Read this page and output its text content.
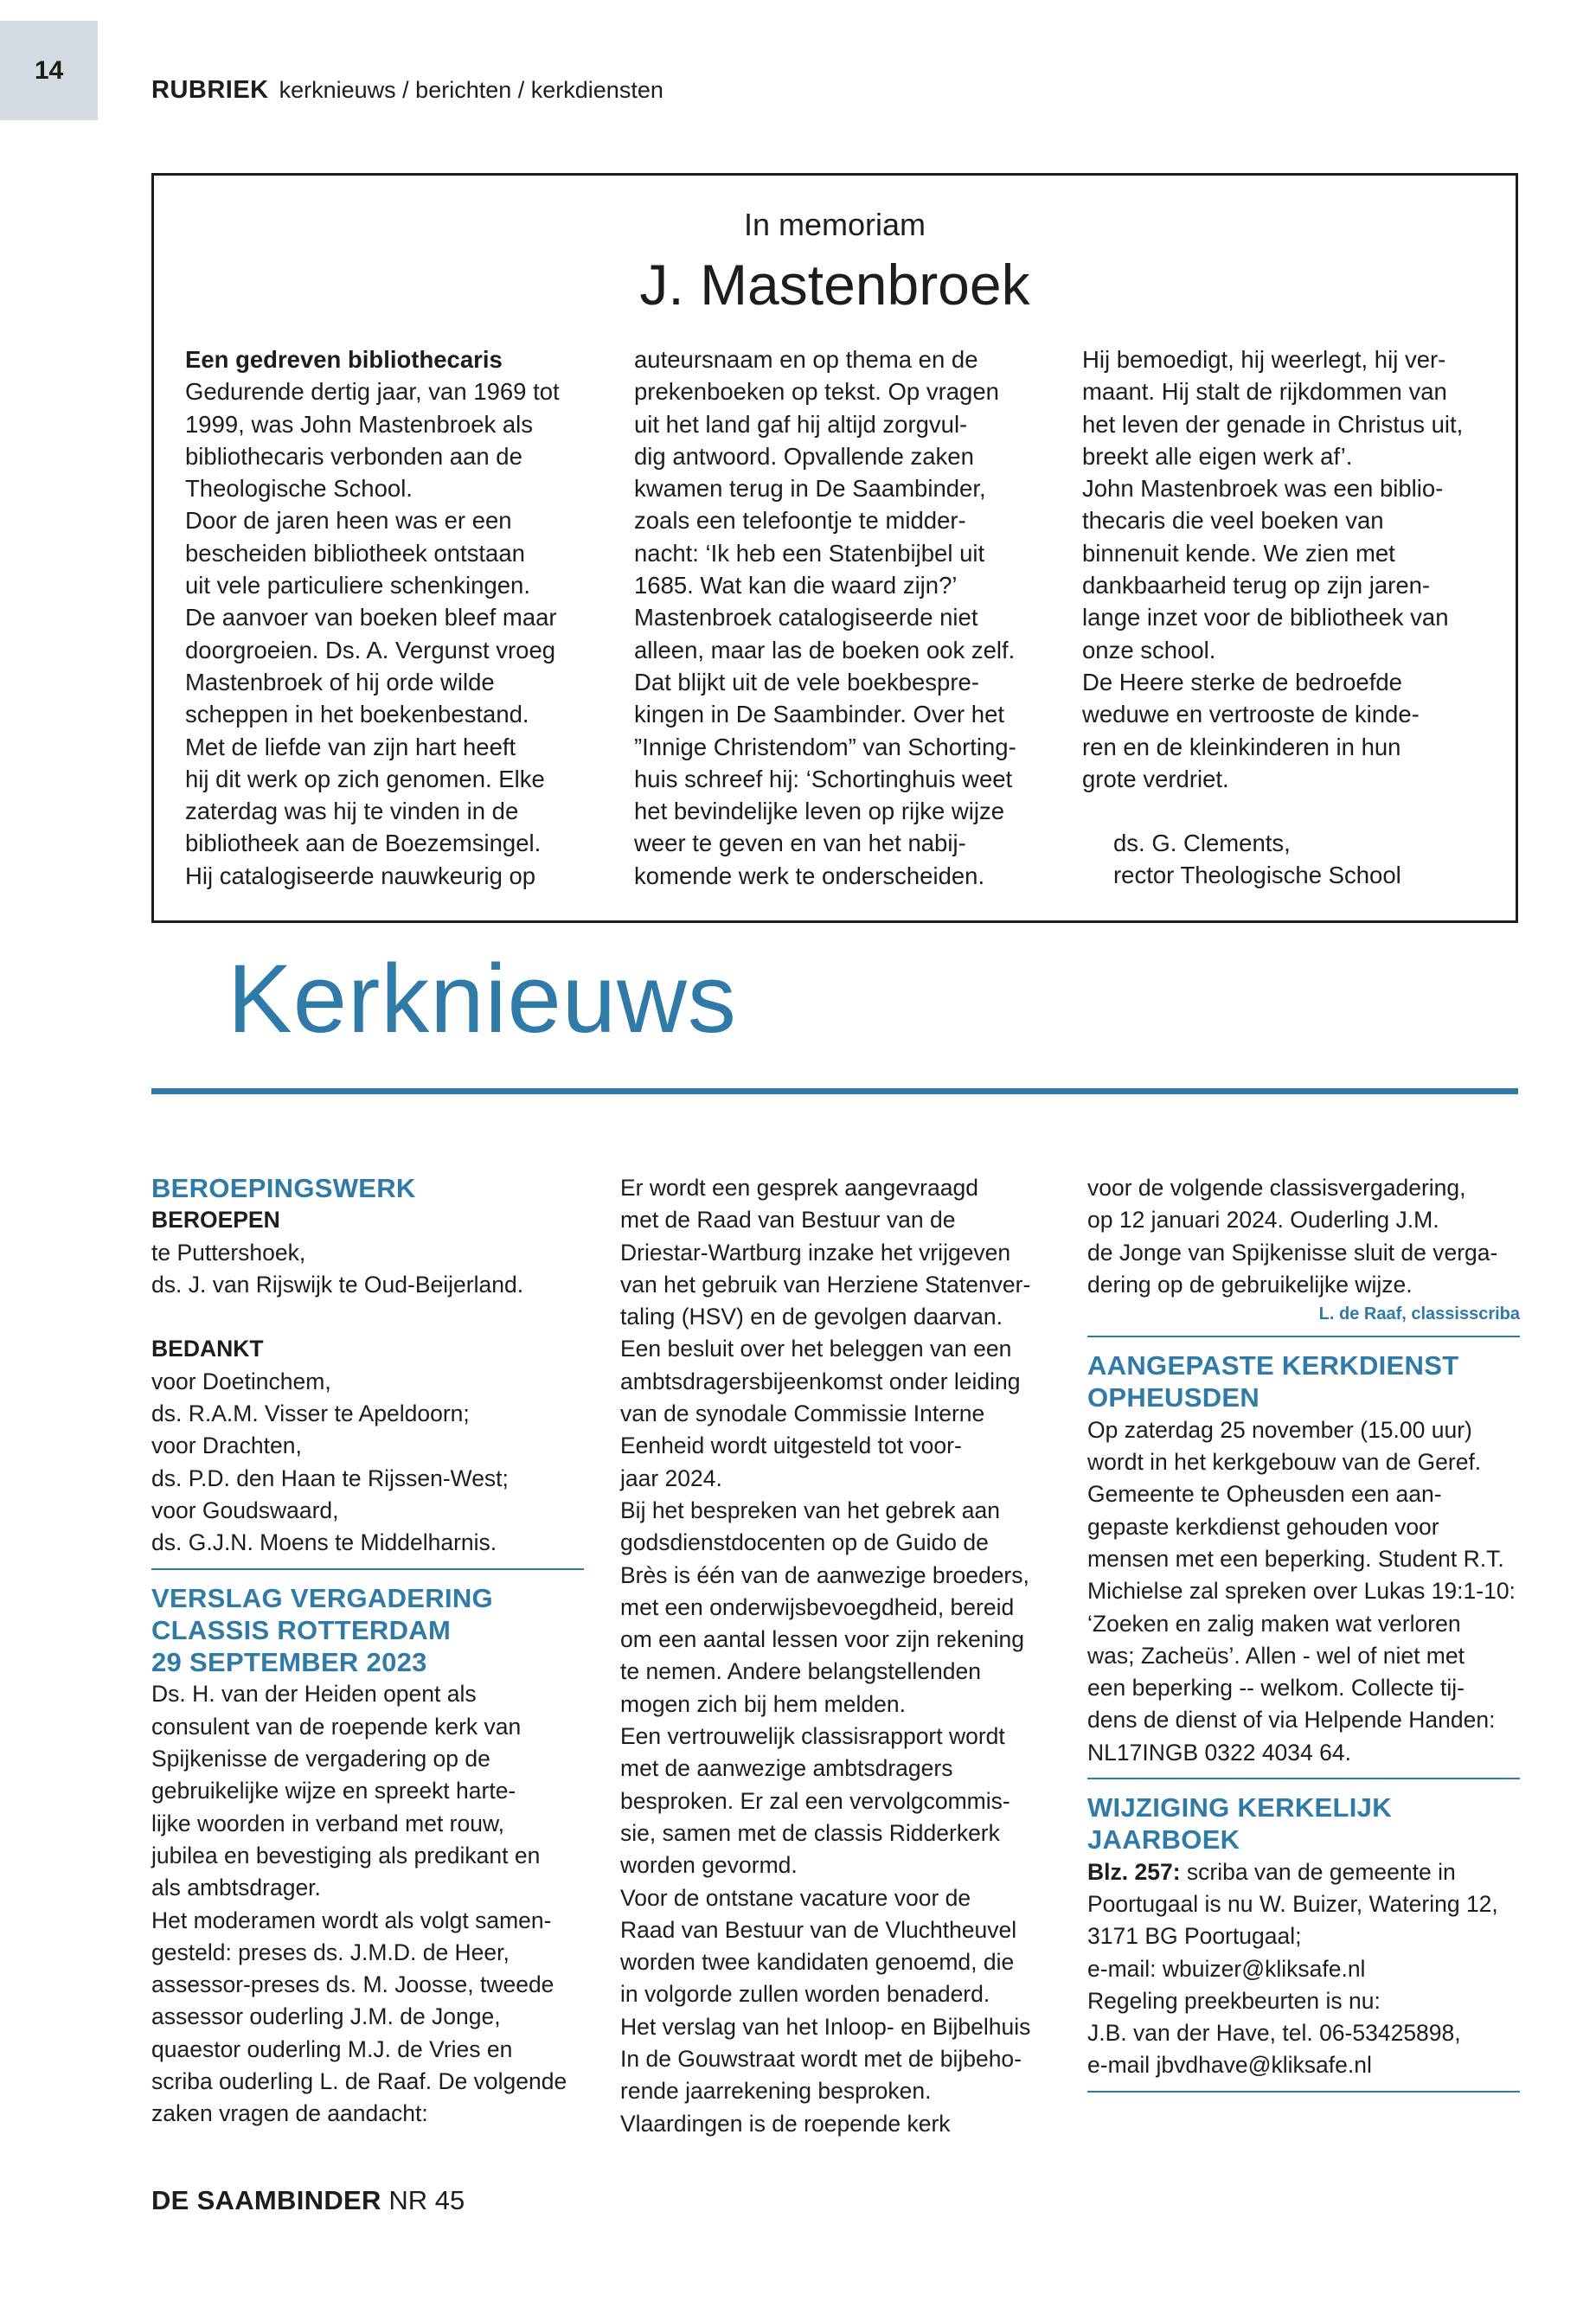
14
RUBRIEK kerknieuws / berichten / kerkdiensten
In memoriam
J. Mastenbroek
Een gedreven bibliothecaris
Gedurende dertig jaar, van 1969 tot
1999, was John Mastenbroek als
bibliothecaris verbonden aan de
Theologische School.
Door de jaren heen was er een
bescheiden bibliotheek ontstaan
uit vele particuliere schenkingen.
De aanvoer van boeken bleef maar
doorgroeien. Ds. A. Vergunst vroeg
Mastenbroek of hij orde wilde
scheppen in het boekenbestand.
Met de liefde van zijn hart heeft
hij dit werk op zich genomen. Elke
zaterdag was hij te vinden in de
bibliotheek aan de Boezemsingel.
Hij catalogiseerde nauwkeurig op
auteursnaam en op thema en de
prekenboeken op tekst. Op vragen
uit het land gaf hij altijd zorgvul-
dig antwoord. Opvallende zaken
kwamen terug in De Saambinder,
zoals een telefoontje te midder-
nacht: ‘Ik heb een Statenbijbel uit
1685. Wat kan die waard zijn?’
Mastenbroek catalogiseerde niet
alleen, maar las de boeken ook zelf.
Dat blijkt uit de vele boekbespre-
kingen in De Saambinder. Over het
”Innige Christendom” van Schorting-
huis schreef hij: ‘Schortinghuis weet
het bevindelijke leven op rijke wijze
weer te geven en van het nabij-
komende werk te onderscheiden.
Hij bemoedigt, hij weerlegt, hij ver-
maant. Hij stalt de rijkdommen van
het leven der genade in Christus uit,
breekt alle eigen werk af’.
John Mastenbroek was een biblio-
thecaris die veel boeken van
binnenuit kende. We zien met
dankbaarheid terug op zijn jaren-
lange inzet voor de bibliotheek van
onze school.
De Heere sterke de bedroefde
weduwe en vertrooste de kinde-
ren en de kleinkinderen in hun
grote verdriet.
ds. G. Clements,
rector Theologische School
Kerknieuws
BEROEPINGSWERK
BEROEPEN
te Puttershoek,
ds. J. van Rijswijk te Oud-Beijerland.
BEDANKT
voor Doetinchem,
ds. R.A.M. Visser te Apeldoorn;
voor Drachten,
ds. P.D. den Haan te Rijssen-West;
voor Goudswaard,
ds. G.J.N. Moens te Middelharnis.
VERSLAG VERGADERING
CLASSIS ROTTERDAM
29 SEPTEMBER 2023
Ds. H. van der Heiden opent als
consulent van de roepende kerk van
Spijkenisse de vergadering op de
gebruikelijke wijze en spreekt harte-
lijke woorden in verband met rouw,
jubilea en bevestiging als predikant en
als ambtsdrager.
Het moderamen wordt als volgt samen-
gesteld: preses ds. J.M.D. de Heer,
assessor-preses ds. M. Joosse, tweede
assessor ouderling J.M. de Jonge,
quaestor ouderling M.J. de Vries en
scriba ouderling L. de Raaf. De volgende
zaken vragen de aandacht:
Er wordt een gesprek aangevraagd
met de Raad van Bestuur van de
Driestar-Wartburg inzake het vrijgeven
van het gebruik van Herziene Statenver-
taling (HSV) en de gevolgen daarvan.
Een besluit over het beleggen van een
ambtsdragersbijeenkomst onder leiding
van de synodale Commissie Interne
Eenheid wordt uitgesteld tot voor-
jaar 2024.
Bij het bespreken van het gebrek aan
godsdienstdocenten op de Guido de
Brès is één van de aanwezige broeders,
met een onderwijsbevoegdheid, bereid
om een aantal lessen voor zijn rekening
te nemen. Andere belangstellenden
mogen zich bij hem melden.
Een vertrouwelijk classisrapport wordt
met de aanwezige ambtsdragers
besproken. Er zal een vervolgcommis-
sie, samen met de classis Ridderkerk
worden gevormd.
Voor de ontstane vacature voor de
Raad van Bestuur van de Vluchtheuvel
worden twee kandidaten genoemd, die
in volgorde zullen worden benaderd.
Het verslag van het Inloop- en Bijbelhuis
In de Gouwstraat wordt met de bijbeho-
rende jaarrekening besproken.
Vlaardingen is de roepende kerk
voor de volgende classisvergadering,
op 12 januari 2024. Ouderling J.M.
de Jonge van Spijkenisse sluit de verga-
dering op de gebruikelijke wijze.
L. de Raaf, classisscriba
AANGEPASTE KERKDIENST
OPHEUSDEN
Op zaterdag 25 november (15.00 uur)
wordt in het kerkgebouw van de Geref.
Gemeente te Opheusden een aan-
gepaste kerkdienst gehouden voor
mensen met een beperking. Student R.T.
Michielse zal spreken over Lukas 19:1-10:
‘Zoeken en zalig maken wat verloren
was; Zacheüs’. Allen - wel of niet met
een beperking -- welkom. Collecte tij-
dens de dienst of via Helpende Handen:
NL17INGB 0322 4034 64.
WIJZIGING KERKELIJK
JAARBOEK
Blz. 257: scriba van de gemeente in
Poortugaal is nu W. Buizer, Watering 12,
3171 BG Poortugaal;
e-mail: wbuizer@kliksafe.nl
Regeling preekbeurten is nu:
J.B. van der Have, tel. 06-53425898,
e-mail jbvdhave@kliksafe.nl
DE SAAMBINDER NR 45
